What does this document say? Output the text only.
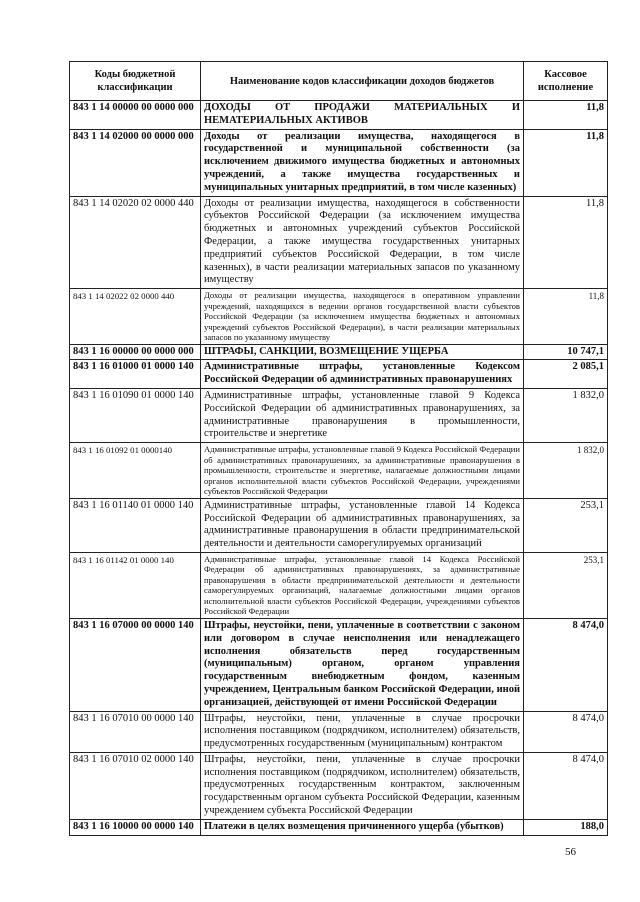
Коды бюджетной классификации	Наименование кодов классификации доходов бюджетов	Кассовое исполнение
843 1 14 00000 00 0000 000	ДОХОДЫ ОТ ПРОДАЖИ МАТЕРИАЛЬНЫХ И НЕМАТЕРИАЛЬНЫХ АКТИВОВ	11,8
843 1 14 02000 00 0000 000	Доходы от реализации имущества, находящегося в государственной и муниципальной собственности (за исключением движимого имущества бюджетных и автономных учреждений, а также имущества государственных и муниципальных унитарных предприятий, в том числе казенных)	11,8
843 1 14 02020 02 0000 440	Доходы от реализации имущества, находящегося в собственности субъектов Российской Федерации (за исключением имущества бюджетных и автономных учреждений субъектов Российской Федерации, а также имущества государственных унитарных предприятий субъектов Российской Федерации, в том числе казенных), в части реализации материальных запасов по указанному имуществу	11,8
843 1 14 02022 02 0000 440	Доходы от реализации имущества, находящегося в оперативном управлении учреждений, находящихся в ведении органов государственной власти субъектов Российской Федерации (за исключением имущества бюджетных и автономных учреждений субъектов Российской Федерации), в части реализации материальных запасов по указанному имуществу	11,8
843 1 16 00000 00 0000 000	ШТРАФЫ, САНКЦИИ, ВОЗМЕЩЕНИЕ УЩЕРБА	10 747,1
843 1 16 01000 01 0000 140	Административные штрафы, установленные Кодексом Российской Федерации об административных правонарушениях	2 085,1
843 1 16 01090 01 0000 140	Административные штрафы, установленные главой 9 Кодекса Российской Федерации об административных правонарушениях, за административные правонарушения в промышленности, строительстве и энергетике	1 832,0
843 1 16 01092 01 0000140	Административные штрафы, установленные главой 9 Кодекса Российской Федерации об административных правонарушениях, за административные правонарушения в промышленности, строительстве и энергетике, налагаемые должностными лицами органов исполнительной власти субъектов Российской Федерации, учреждениями субъектов Российской Федерации	1 832,0
843 1 16 01140 01 0000 140	Административные штрафы, установленные главой 14 Кодекса Российской Федерации об административных правонарушениях, за административные правонарушения в области предпринимательской деятельности и деятельности саморегулируемых организаций	253,1
843 1 16 01142 01 0000 140	Административные штрафы, установленные главой 14 Кодекса Российской Федерации об административных правонарушениях, за административные правонарушения в области предпринимательской деятельности и деятельности саморегулируемых организаций, налагаемые должностными лицами органов исполнительной власти субъектов Российской Федерации, учреждениями субъектов Российской Федерации	253,1
843 1 16 07000 00 0000 140	Штрафы, неустойки, пени, уплаченные в соответствии с законом или договором в случае неисполнения или ненадлежащего исполнения обязательств перед государственным (муниципальным) органом, органом управления государственным внебюджетным фондом, казенным учреждением, Центральным банком Российской Федерации, иной организацией, действующей от имени Российской Федерации	8 474,0
843 1 16 07010 00 0000 140	Штрафы, неустойки, пени, уплаченные в случае просрочки исполнения поставщиком (подрядчиком, исполнителем) обязательств, предусмотренных государственным (муниципальным) контрактом	8 474,0
843 1 16 07010 02 0000 140	Штрафы, неустойки, пени, уплаченные в случае просрочки исполнения поставщиком (подрядчиком, исполнителем) обязательств, предусмотренных государственным контрактом, заключенным государственным органом субъекта Российской Федерации, казенным учреждением субъекта Российской Федерации	8 474,0
843 1 16 10000 00 0000 140	Платежи в целях возмещения причиненного ущерба (убытков)	188,0
56
